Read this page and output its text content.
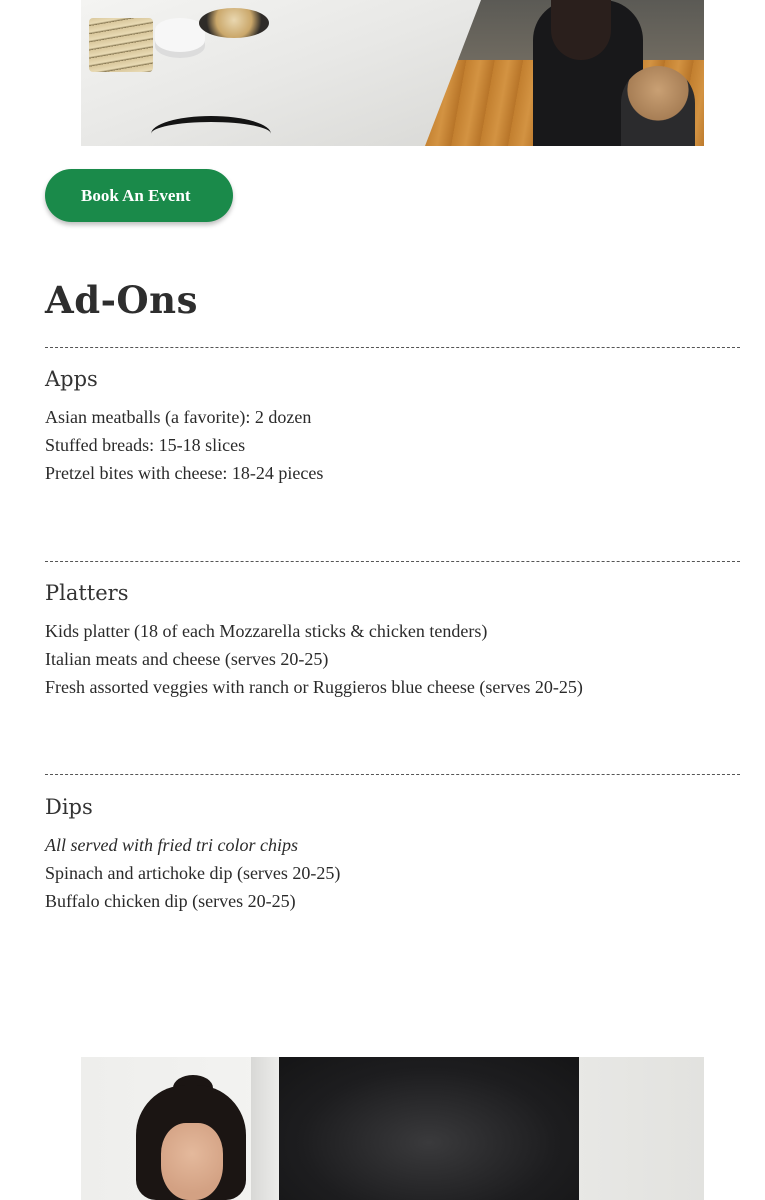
Book An Event
Ad-Ons
Apps
Asian meatballs (a favorite): 2 dozen
Stuffed breads: 15-18 slices
Pretzel bites with cheese: 18-24 pieces
Platters
Kids platter (18 of each Mozzarella sticks & chicken tenders)
Italian meats and cheese (serves 20-25)
Fresh assorted veggies with ranch or Ruggieros blue cheese (serves 20-25)
Dips
All served with fried tri color chips
Spinach and artichoke dip (serves 20-25)
Buffalo chicken dip (serves 20-25)
